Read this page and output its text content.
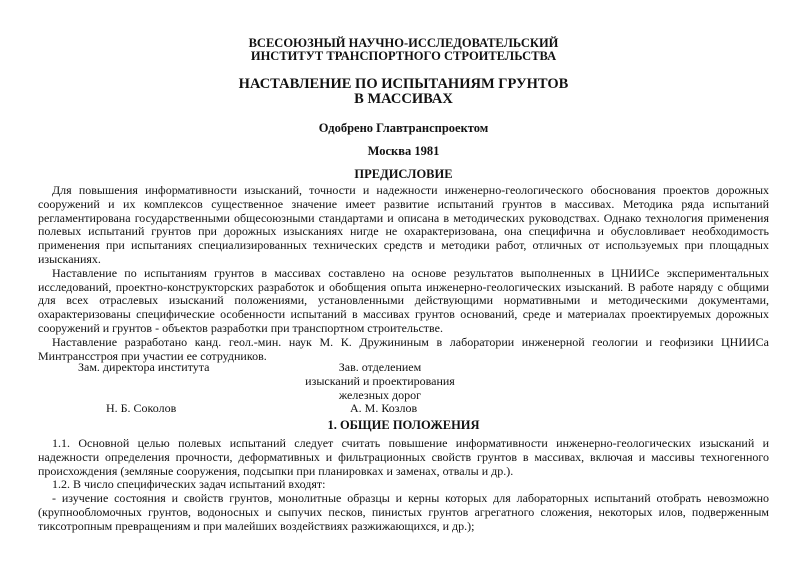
ВСЕСОЮЗНЫЙ НАУЧНО-ИССЛЕДОВАТЕЛЬСКИЙ
ИНСТИТУТ ТРАНСПОРТНОГО СТРОИТЕЛЬСТВА
НАСТАВЛЕНИЕ ПО ИСПЫТАНИЯМ ГРУНТОВ
В МАССИВАХ
Одобрено Главтранспроектом
Москва 1981
ПРЕДИСЛОВИЕ

Для повышения информативности изысканий, точности и надежности инженерно-геологического обоснования проектов дорожных сооружений и их комплексов существенное значение имеет развитие испытаний грунтов в массивах. Методика ряда испытаний регламентирована государственными общесоюзными стандартами и описана в методических руководствах. Однако технология применения полевых испытаний грунтов при дорожных изысканиях нигде не охарактеризована, она специфична и обусловливает необходимость применения при испытаниях специализированных технических средств и методики работ, отличных от используемых при площадных изысканиях.

Наставление по испытаниям грунтов в массивах составлено на основе результатов выполненных в ЦНИИСе экспериментальных исследований, проектно-конструкторских разработок и обобщения опыта инженерно-геологических изысканий. В работе наряду с общими для всех отраслевых изысканий положениями, установленными действующими нормативными и методическими документами, охарактеризованы специфические особенности испытаний в массивах грунтов оснований, среде и материалах проектируемых дорожных сооружений и грунтов - объектов разработки при транспортном строительстве.

Наставление разработано канд. геол.-мин. наук М. К. Дружининым в лаборатории инженерной геологии и геофизики ЦНИИСа Минтрансстроя при участии ее сотрудников.

Зам. директора института
Н. Б. Соколов
Зав. отделением
изысканий и проектирования
железных дорог
А. М. Козлов
1. ОБЩИЕ ПОЛОЖЕНИЯ

1.1. Основной целью полевых испытаний следует считать повышение информативности инженерно-геологических изысканий и надежности определения прочности, деформативных и фильтрационных свойств грунтов в массивах, включая и массивы техногенного происхождения (земляные сооружения, подсыпки при планировках и заменах, отвалы и др.).

1.2. В число специфических задач испытаний входят:

- изучение состояния и свойств грунтов, монолитные образцы и керны которых для лабораторных испытаний отобрать невозможно (крупнообломочных грунтов, водоносных и сыпучих песков, пинистых грунтов агрегатного сложения, некоторых илов, подверженным тиксотропным превращениям и при малейших воздействиях разжижающихся, и др.);
